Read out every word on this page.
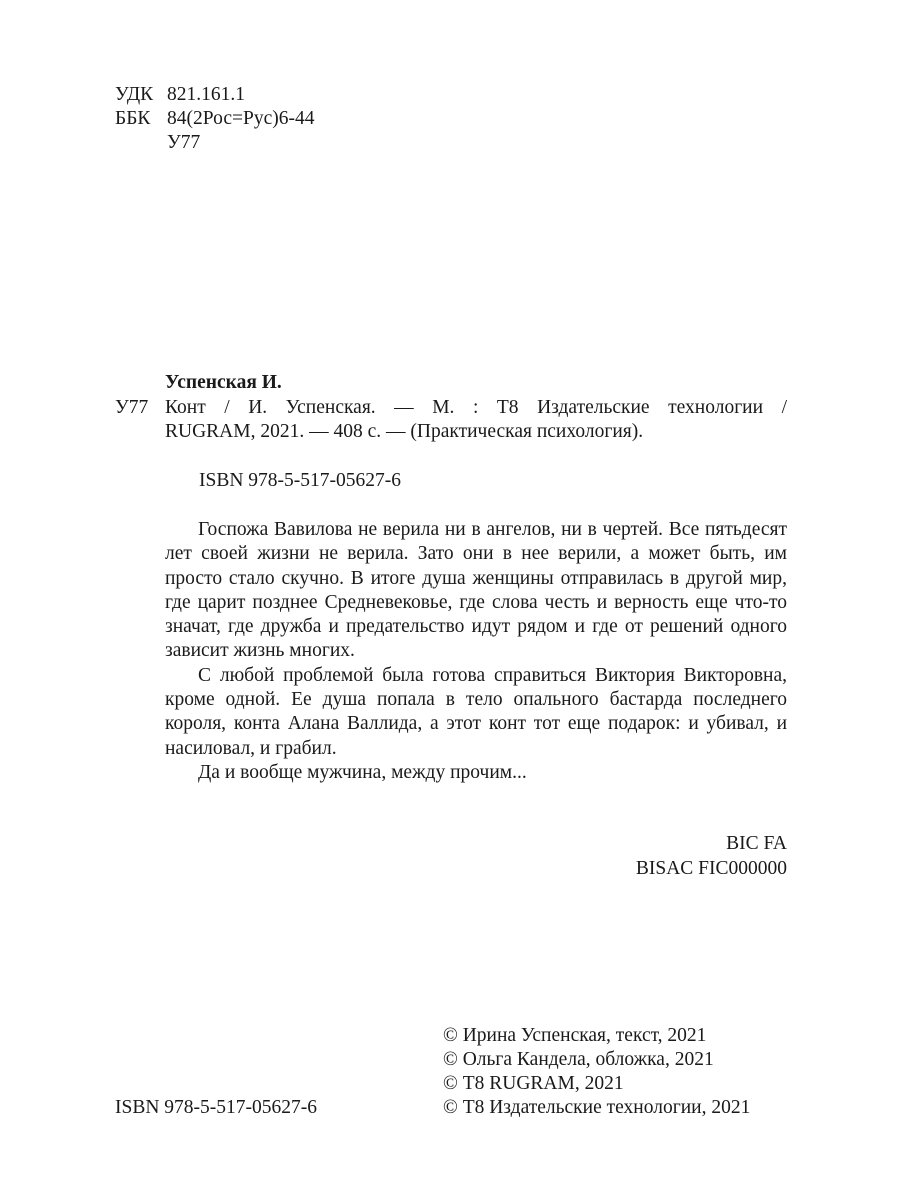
УДК 821.161.1
ББК 84(2Рос=Рус)6-44
У77
Успенская И.
У77 Конт / И. Успенская. — М. : Т8 Издательские технологии /
RUGRAM, 2021. — 408 с. — (Практическая психология).
ISBN 978-5-517-05627-6

Госпожа Вавилова не верила ни в ангелов, ни в чертей. Все пятьдесят лет своей жизни не верила. Зато они в нее верили, а может быть, им просто стало скучно. В итоге душа женщины отправилась в другой мир, где царит позднее Средневековье, где слова честь и верность еще что-то значат, где дружба и предательство идут рядом и где от решений одного зависит жизнь многих.

С любой проблемой была готова справиться Виктория Викторовна, кроме одной. Ее душа попала в тело опального бастарда последнего короля, конта Алана Валлида, а этот конт тот еще подарок: и убивал, и насиловал, и грабил.

Да и вообще мужчина, между прочим...

BIC FA
BISAC FIC000000
© Ирина Успенская, текст, 2021
© Ольга Кандела, обложка, 2021
© Т8 RUGRAM, 2021
© Т8 Издательские технологии, 2021
ISBN 978-5-517-05627-6
